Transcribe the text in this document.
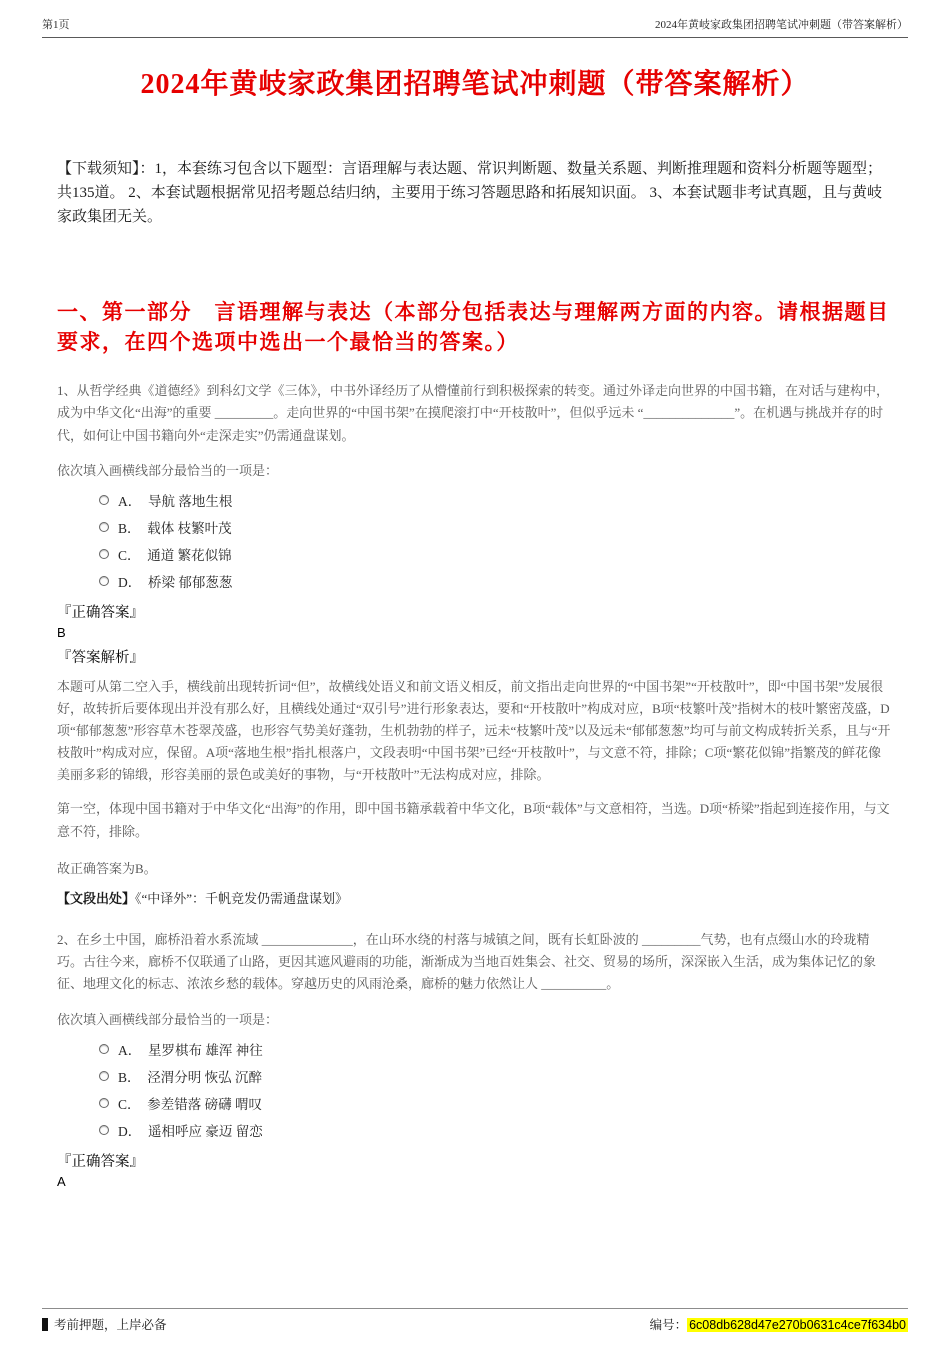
第1页	2024年黄岐家政集团招聘笔试冲刺题（带答案解析）
2024年黄岐家政集团招聘笔试冲刺题（带答案解析）

【下载须知】：1，本套练习包含以下题型：言语理解与表达题、常识判断题、数量关系题、判断推理题和资料分析题等题型；共135道。 2、本套试题根据常见招考题总结归纳，主要用于练习答题思路和拓展知识面。 3、本套试题非考试真题，且与黄岐家政集团无关。

一、第一部分　言语理解与表达（本部分包括表达与理解两方面的内容。请根据题目要求，在四个选项中选出一个最恰当的答案。）

1、从哲学经典《道德经》到科幻文学《三体》，中书外译经历了从懵懂前行到积极探索的转变。通过外译走向世界的中国书籍，在对话与建构中，成为中华文化“出海”的重要 _________。走向世界的“中国书架”在摸爬滚打中“开枝散叶”，但似乎远未 “______________”。在机遇与挑战并存的时代，如何让中国书籍向外“走深走实”仍需通盘谋划。

依次填入画横线部分最恰当的一项是：

A．　导航 落地生根
B．　载体 枝繁叶茂
C．　通道 繁花似锦
D．　桥梁 郁郁葱葱

『正确答案』

B

『答案解析』

本题可从第二空入手，横线前出现转折词“但”，故横线处语义和前文语义相反，前文指出走向世界的“中国书架”“开枝散叶”，即“中国书架”发展很好，故转折后要体现出并没有那么好，且横线处通过“双引号”进行形象表达，要和“开枝散叶”构成对应，B项“枝繁叶茂”指树木的枝叶繁密茂盛，D项“郁郁葱葱”形容草木苍翠茂盛，也形容气势美好蓬勃，生机勃勃的样子，远未“枝繁叶茂”以及远未“郁郁葱葱”均可与前文构成转折关系，且与“开枝散叶”构成对应，保留。A项“落地生根”指扎根落户，文段表明“中国书架”已经“开枝散叶”，与文意不符，排除；C项“繁花似锦”指繁茂的鲜花像美丽多彩的锦缎，形容美丽的景色或美好的事物，与“开枝散叶”无法构成对应，排除。

第一空，体现中国书籍对于中华文化“出海”的作用，即中国书籍承载着中华文化，B项“载体”与文意相符，当选。D项“桥梁”指起到连接作用，与文意不符，排除。

故正确答案为B。

【文段出处】《“中译外”：千帆竞发仍需通盘谋划》

2、在乡土中国，廊桥沿着水系流域 ______________，在山环水绕的村落与城镇之间，既有长虹卧波的 _________气势，也有点缀山水的玲珑精巧。古往今来，廊桥不仅联通了山路，更因其遮风避雨的功能，渐渐成为当地百姓集会、社交、贸易的场所，深深嵌入生活，成为集体记忆的象征、地理文化的标志、浓浓乡愁的载体。穿越历史的风雨沧桑，廊桥的魅力依然让人 __________。

依次填入画横线部分最恰当的一项是：

A．　星罗棋布 雄浑 神往
B．　泾渭分明 恢弘 沉醉
C．　参差错落 磅礴 喟叹
D．　遥相呼应 豪迈 留恋

『正确答案』

A

考前押题，上岸必备	编号： 6c08db628d47e270b0631c4ce7f634b0
